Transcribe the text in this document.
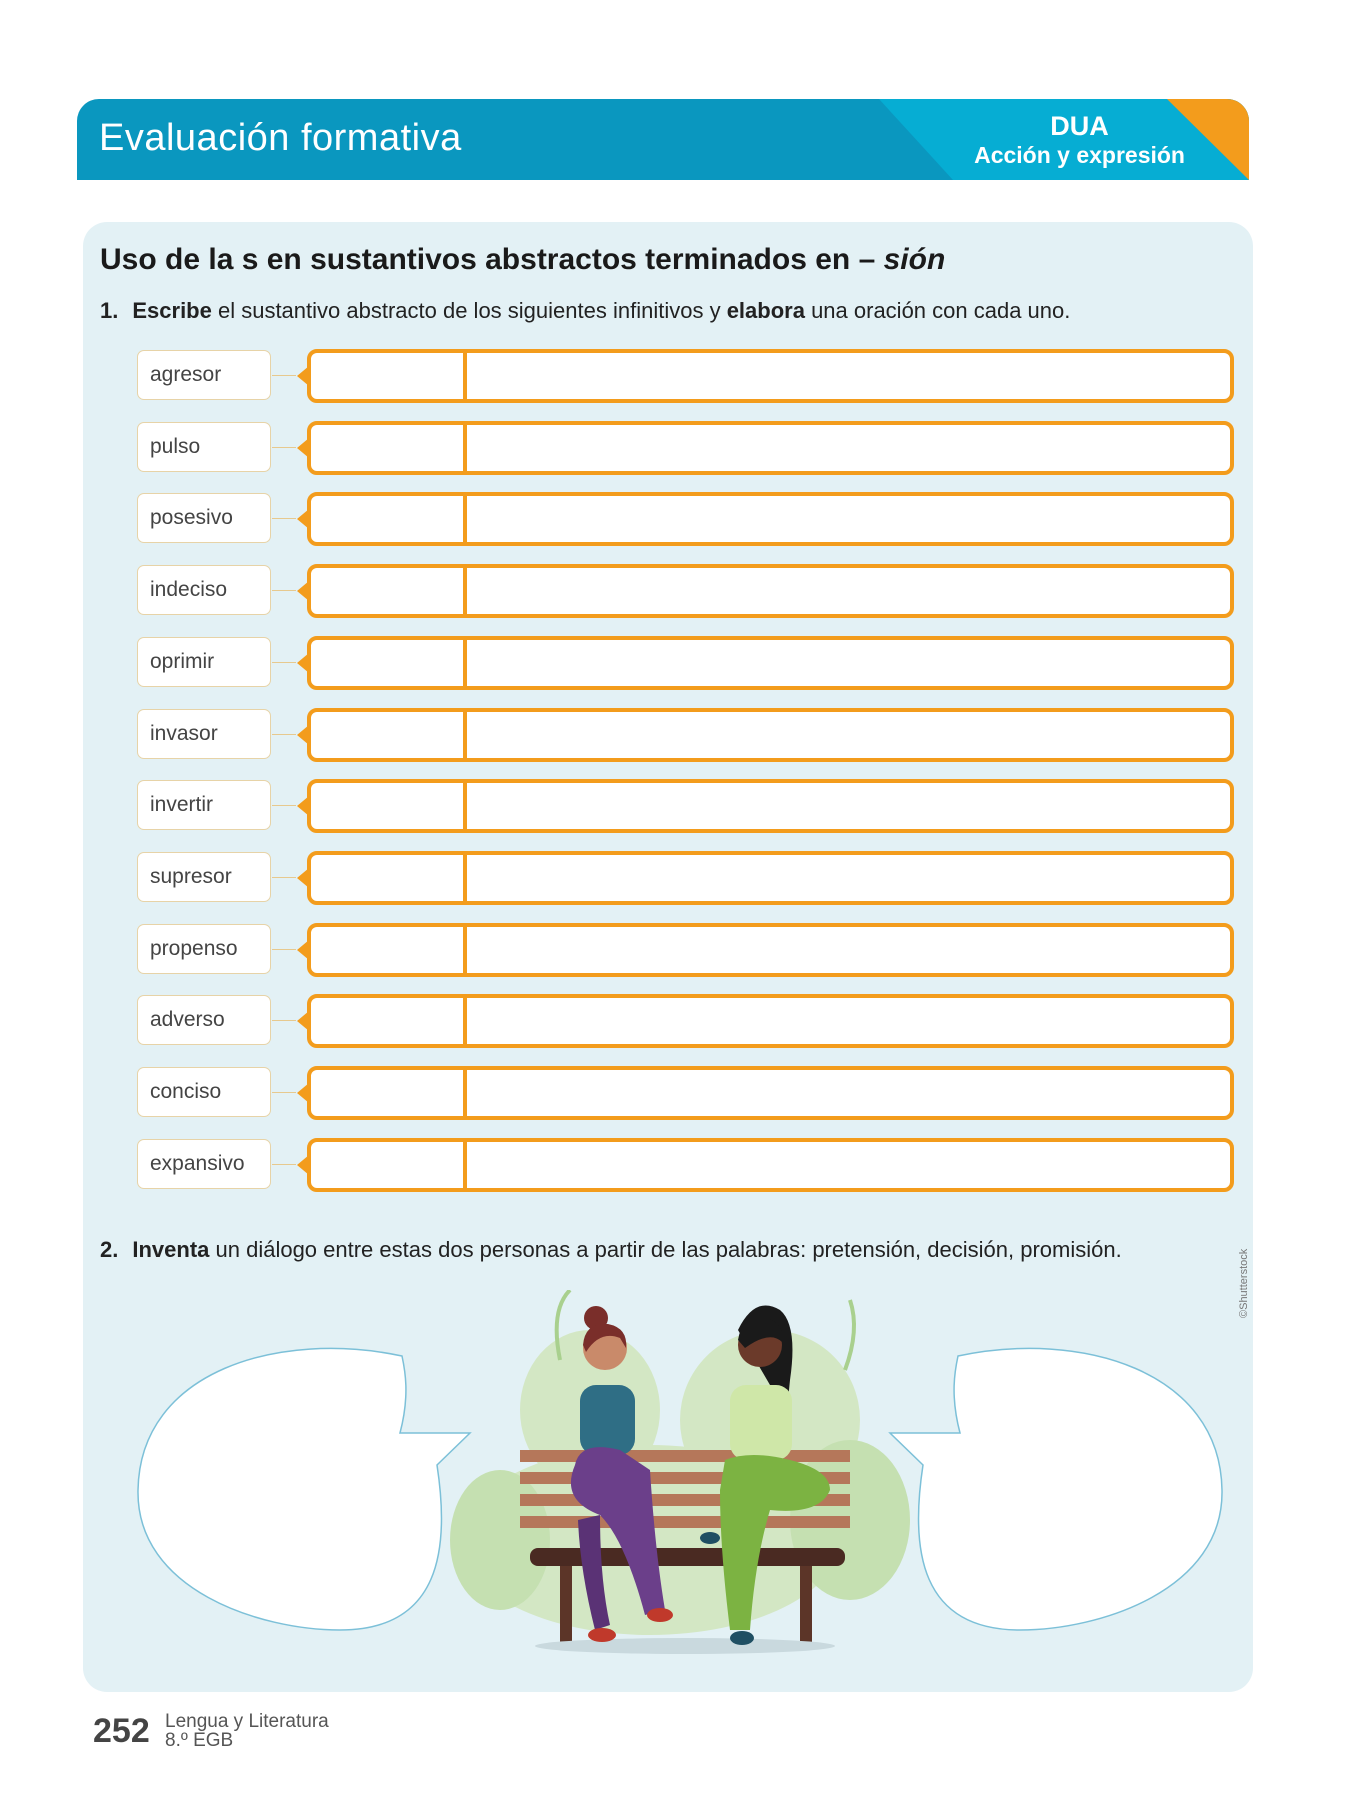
Evaluación formativa	DUA
Acción y expresión
Uso de la s en sustantivos abstractos terminados en – sión
1. Escribe el sustantivo abstracto de los siguientes infinitivos y elabora una oración con cada uno.
agresor
pulso
posesivo
indeciso
oprimir
invasor
invertir
supresor
propenso
adverso
conciso
expansivo
2. Inventa un diálogo entre estas dos personas a partir de las palabras: pretensión, decisión, promisión.	©Shutterstock
252 Lengua y Literatura
8.º EGB
